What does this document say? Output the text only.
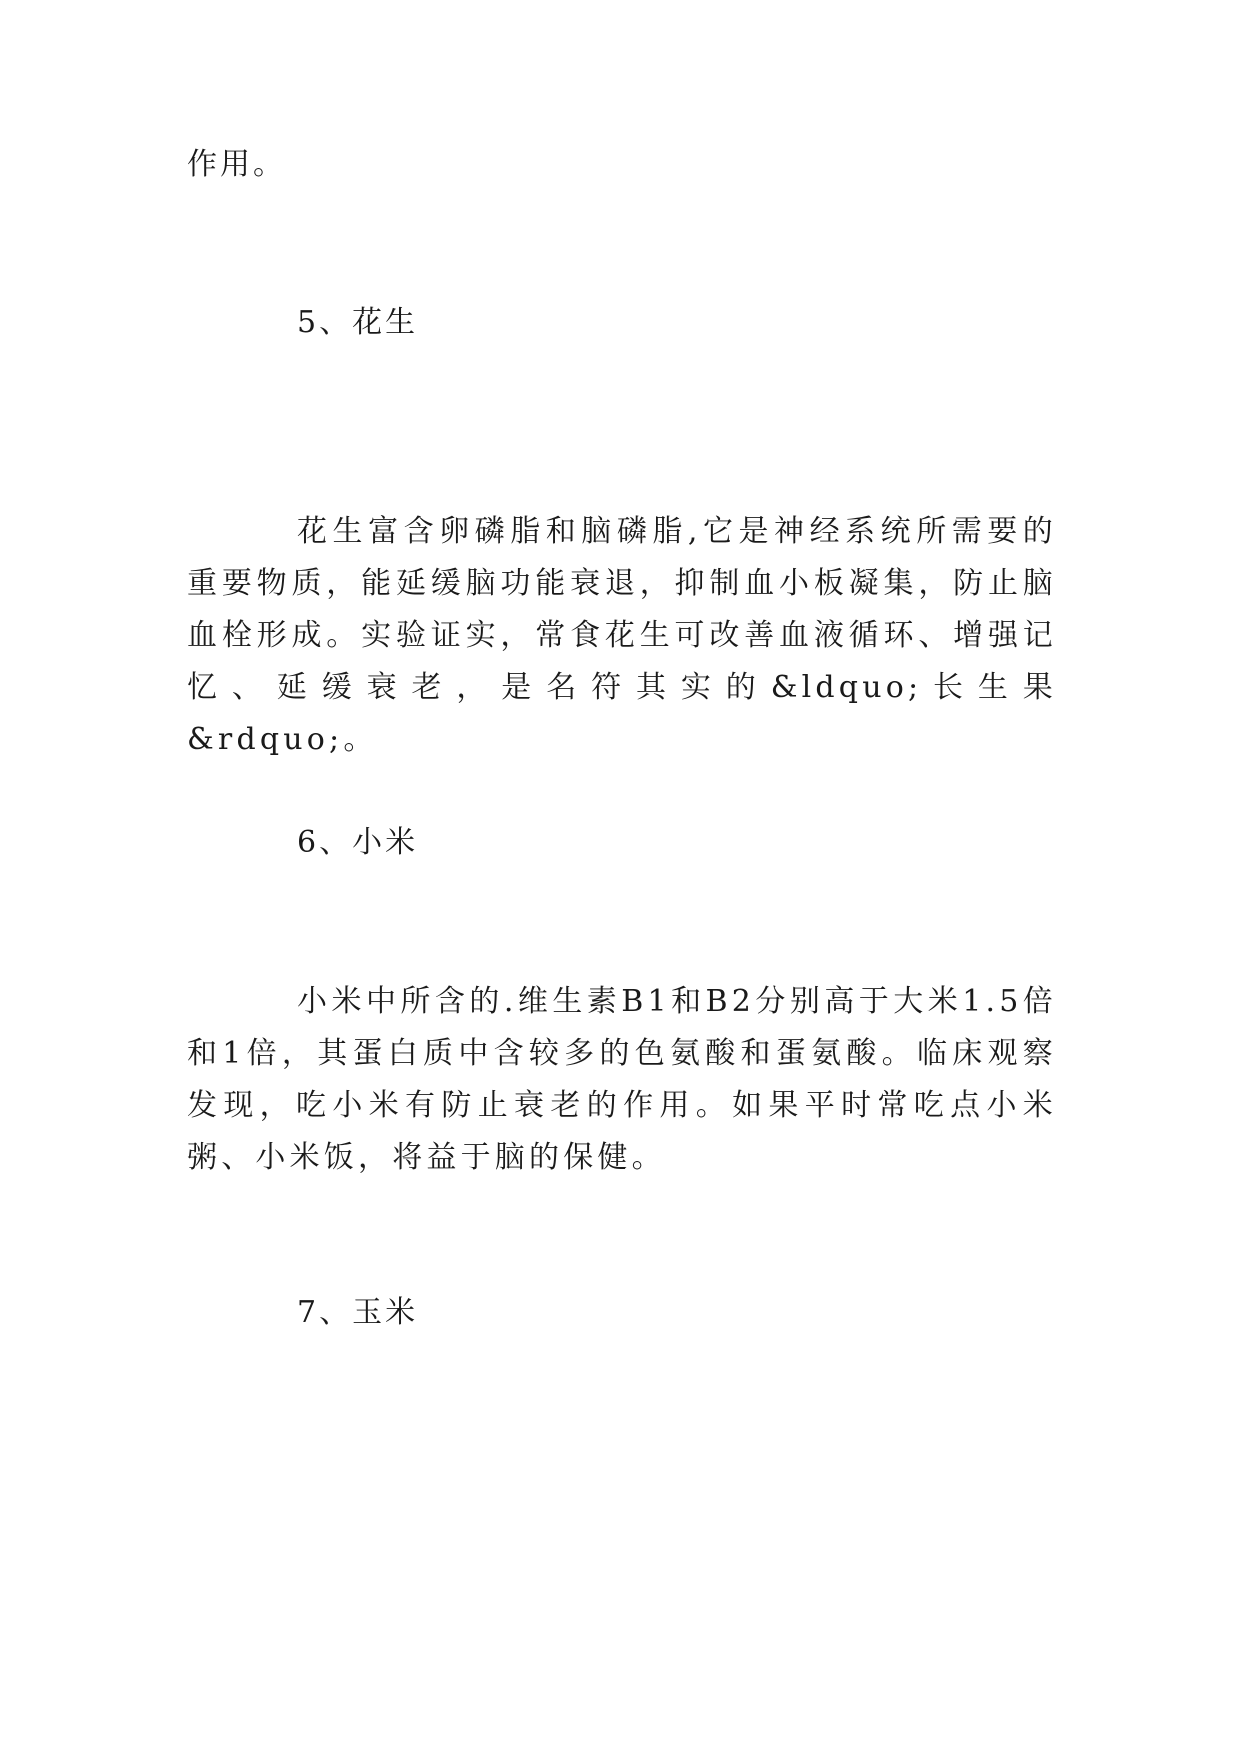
作用。

5、花生

花生富含卵磷脂和脑磷脂,它是神经系统所需要的重要物质，能延缓脑功能衰退，抑制血小板凝集，防止脑血栓形成。实验证实，常食花生可改善血液循环、增强记忆、延缓衰老，是名符其实的&ldquo;长生果&rdquo;。

6、小米

小米中所含的.维生素B1和B2分别高于大米1.5倍和1倍，其蛋白质中含较多的色氨酸和蛋氨酸。临床观察发现，吃小米有防止衰老的作用。如果平时常吃点小米粥、小米饭，将益于脑的保健。

7、玉米
